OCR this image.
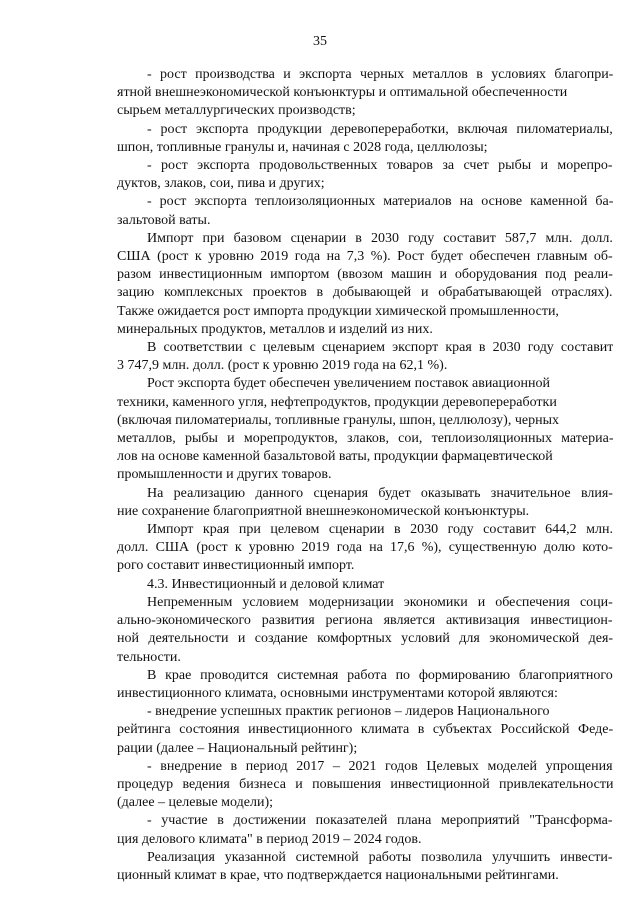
35

- рост производства и экспорта черных металлов в условиях благопри-
ятной внешнеэкономической конъюнктуры и оптимальной обеспеченности
сырьем металлургических производств;

- рост экспорта продукции деревопереработки, включая пиломатериалы,
шпон, топливные гранулы и, начиная с 2028 года, целлюлозы;

- рост экспорта продовольственных товаров за счет рыбы и морепро-
дуктов, злаков, сои, пива и других;

- рост экспорта теплоизоляционных материалов на основе каменной ба-
зальтовой ваты.

Импорт при базовом сценарии в 2030 году составит 587,7 млн. долл.
США (рост к уровню 2019 года на 7,3 %). Рост будет обеспечен главным об-
разом инвестиционным импортом (ввозом машин и оборудования под реали-
зацию комплексных проектов в добывающей и обрабатывающей отраслях).
Также ожидается рост импорта продукции химической промышленности,
минеральных продуктов, металлов и изделий из них.

В соответствии с целевым сценарием экспорт края в 2030 году составит
3 747,9 млн. долл. (рост к уровню 2019 года на 62,1 %).

Рост экспорта будет обеспечен увеличением поставок авиационной
техники, каменного угля, нефтепродуктов, продукции деревопереработки
(включая пиломатериалы, топливные гранулы, шпон, целлюлозу), черных
металлов, рыбы и морепродуктов, злаков, сои, теплоизоляционных материа-
лов на основе каменной базальтовой ваты, продукции фармацевтической
промышленности и других товаров.

На реализацию данного сценария будет оказывать значительное влия-
ние сохранение благоприятной внешнеэкономической конъюнктуры.

Импорт края при целевом сценарии в 2030 году составит 644,2 млн.
долл. США (рост к уровню 2019 года на 17,6 %), существенную долю кото-
рого составит инвестиционный импорт.

4.3. Инвестиционный и деловой климат

Непременным условием модернизации экономики и обеспечения соци-
ально-экономического развития региона является активизация инвестицион-
ной деятельности и создание комфортных условий для экономической дея-
тельности.

В крае проводится системная работа по формированию благоприятного
инвестиционного климата, основными инструментами которой являются:

- внедрение успешных практик регионов – лидеров Национального
рейтинга состояния инвестиционного климата в субъектах Российской Феде-
рации (далее – Национальный рейтинг);

- внедрение в период 2017 – 2021 годов Целевых моделей упрощения
процедур ведения бизнеса и повышения инвестиционной привлекательности
(далее – целевые модели);

- участие в достижении показателей плана мероприятий "Трансформа-
ция делового климата" в период 2019 – 2024 годов.

Реализация указанной системной работы позволила улучшить инвести-
ционный климат в крае, что подтверждается национальными рейтингами.
